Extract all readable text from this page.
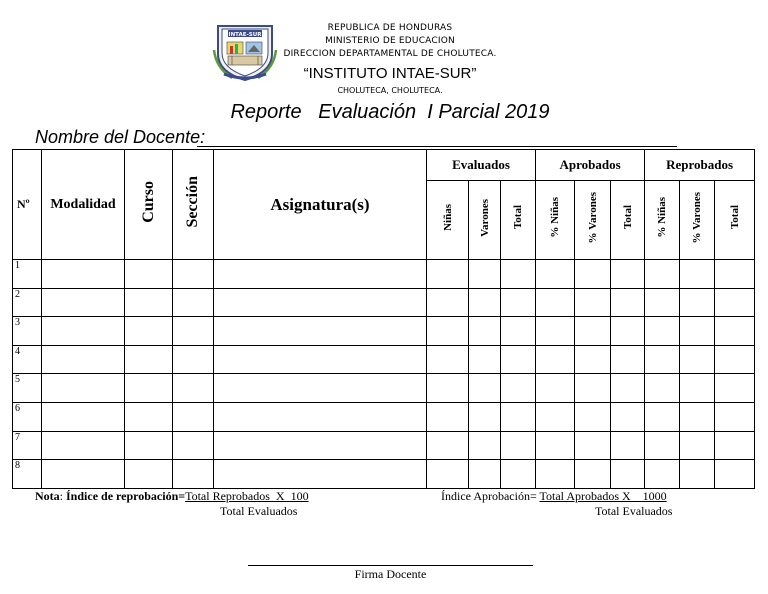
INTAE-SUR
REPUBLICA DE HONDURAS
MINISTERIO DE EDUCACION
DIRECCION DEPARTAMENTAL DE CHOLUTECA.
“INSTITUTO INTAE-SUR”
CHOLUTECA, CHOLUTECA.
Reporte   Evaluación  I Parcial 2019
Nombre del Docente:
Nº	Modalidad	Curso	Sección	Asignatura(s)	Evaluados			Aprobados			Reprobados		
					Niñas	Varones	Total	% Niñas	% Varones	Total	% Niñas	% Varones	Total
1													
2													
3													
4													
5													
6													
7													
8													
Nota: Índice de reprobación=Total Reprobados  X  100
Total Evaluados
Índice Aprobación= Total Aprobados X    1000
Total Evaluados
Firma Docente
